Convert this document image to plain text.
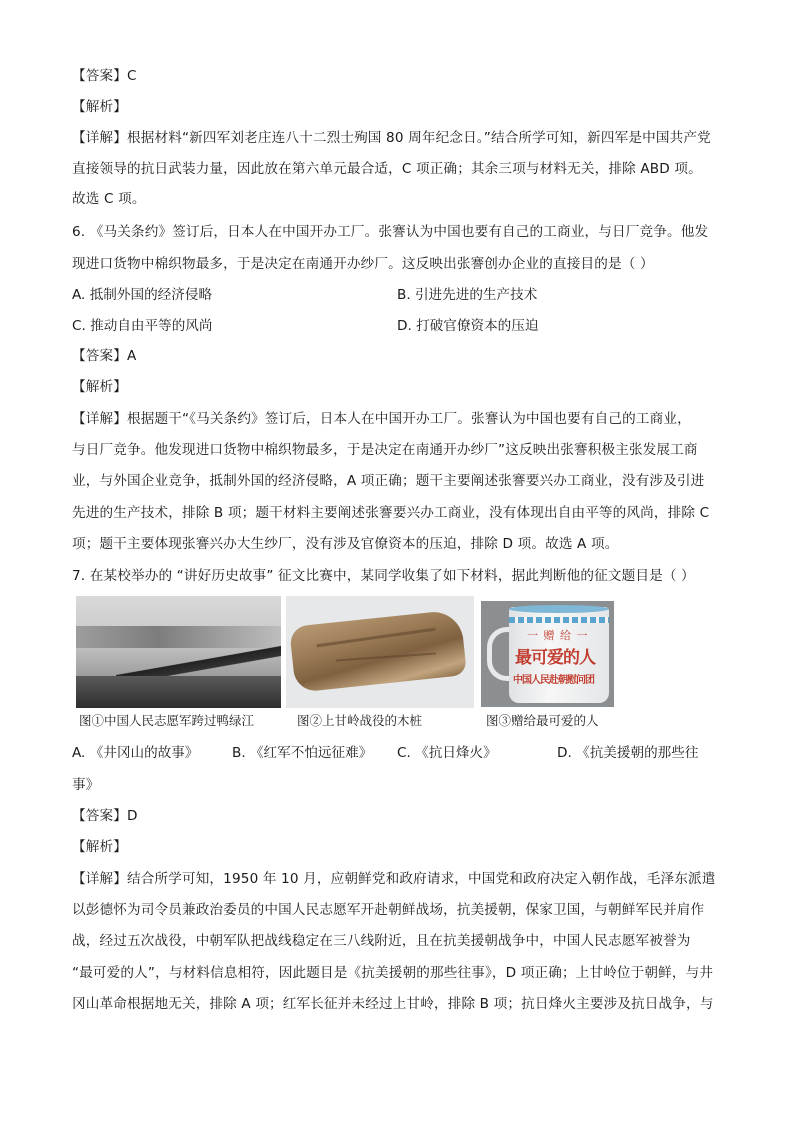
【答案】C
【解析】
【详解】根据材料“新四军刘老庄连八十二烈士殉国 80 周年纪念日。”结合所学可知，新四军是中国共产党
直接领导的抗日武装力量，因此放在第六单元最合适，C 项正确；其余三项与材料无关，排除 ABD 项。
故选 C 项。
6. 《马关条约》签订后，日本人在中国开办工厂。张謇认为中国也要有自己的工商业，与日厂竞争。他发
现进口货物中棉织物最多，于是决定在南通开办纱厂。这反映出张謇创办企业的直接目的是（ ）
A. 抵制外国的经济侵略	B. 引进先进的生产技术
C. 推动自由平等的风尚	D. 打破官僚资本的压迫
【答案】A
【解析】
【详解】根据题干“《马关条约》签订后，日本人在中国开办工厂。张謇认为中国也要有自己的工商业，
与日厂竞争。他发现进口货物中棉织物最多，于是决定在南通开办纱厂”这反映出张謇积极主张发展工商
业，与外国企业竞争，抵制外国的经济侵略，A 项正确；题干主要阐述张謇要兴办工商业，没有涉及引进
先进的生产技术，排除 B 项；题干材料主要阐述张謇要兴办工商业，没有体现出自由平等的风尚，排除 C
项；题干主要体现张謇兴办大生纱厂，没有涉及官僚资本的压迫，排除 D 项。故选 A 项。
7. 在某校举办的 “讲好历史故事” 征文比赛中，某同学收集了如下材料，据此判断他的征文题目是（ ）
一 赠 给 一
最可爱的人
中国人民赴朝慰问团
图①中国人民志愿军跨过鸭绿江	图②上甘岭战役的木桩	图③赠给最可爱的人
A. 《井冈山的故事》 B. 《红军不怕远征难》 C. 《抗日烽火》	D. 《抗美援朝的那些往
事》
【答案】D
【解析】
【详解】结合所学可知，1950 年 10 月，应朝鲜党和政府请求，中国党和政府决定入朝作战，毛泽东派遣
以彭德怀为司令员兼政治委员的中国人民志愿军开赴朝鲜战场，抗美援朝，保家卫国，与朝鲜军民并肩作
战，经过五次战役，中朝军队把战线稳定在三八线附近，且在抗美援朝战争中，中国人民志愿军被誉为
“最可爱的人”，与材料信息相符，因此题目是《抗美援朝的那些往事》，D 项正确；上甘岭位于朝鲜，与井
冈山革命根据地无关，排除 A 项；红军长征并未经过上甘岭，排除 B 项；抗日烽火主要涉及抗日战争，与
